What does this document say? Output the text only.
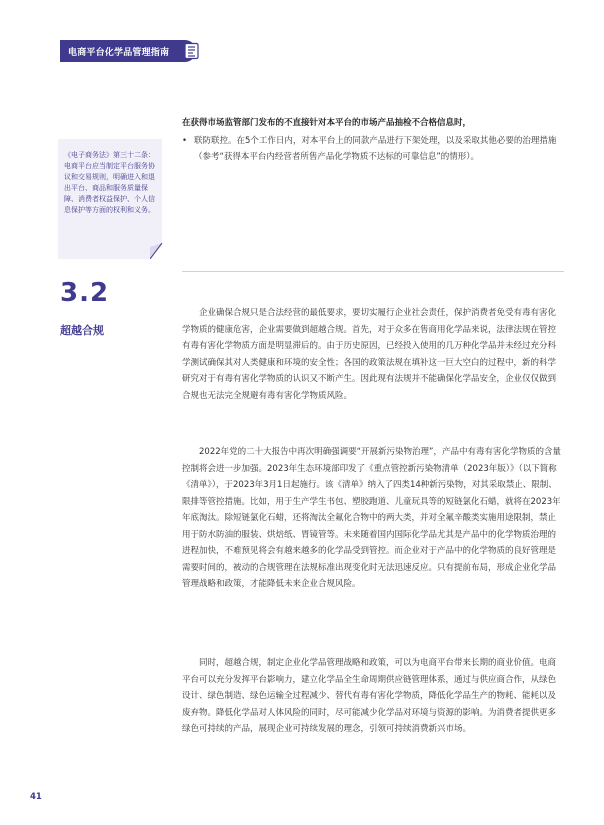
电商平台化学品管理指南
《电子商务法》第三十二条：电商平台应当制定平台服务协议和交易规则，明确进入和退出平台、商品和服务质量保障、消费者权益保护、个人信息保护等方面的权利和义务。
在获得市场监管部门发布的不直接针对本平台的市场产品抽检不合格信息时，
• 联防联控。在5个工作日内，对本平台上的同款产品进行下架处理，以及采取其他必要的治理措施（参考“获得本平台内经营者所售产品化学物质不达标的可靠信息”的情形）。
3.2
超越合规

企业确保合规只是合法经营的最低要求，要切实履行企业社会责任，保护消费者免受有毒有害化学物质的健康危害，企业需要做到超越合规。首先，对于众多在售商用化学品来说，法律法规在管控有毒有害化学物质方面是明显滞后的。由于历史原因，已经投入使用的几万种化学品并未经过充分科学测试确保其对人类健康和环境的安全性；各国的政策法规在填补这一巨大空白的过程中，新的科学研究对于有毒有害化学物质的认识又不断产生。因此现有法规并不能确保化学品安全，企业仅仅做到合规也无法完全规避有毒有害化学物质风险。

2022年党的二十大报告中再次明确强调要“开展新污染物治理”，产品中有毒有害化学物质的含量控制将会进一步加强。2023年生态环境部印发了《重点管控新污染物清单（2023年版）》（以下简称《清单》），于2023年3月1日起施行。该《清单》纳入了四类14种新污染物，对其采取禁止、限制、限排等管控措施。比如，用于生产学生书包、塑胶跑道、儿童玩具等的短链氯化石蜡，就将在2023年年底淘汰。除短链氯化石蜡，还将淘汰全氟化合物中的两大类，并对全氟辛酸类实施用途限制，禁止用于防水防油的服装、烘焙纸、胃镜管等。未来随着国内国际化学品尤其是产品中的化学物质治理的进程加快，不难预见将会有越来越多的化学品受到管控。而企业对于产品中的化学物质的良好管理是需要时间的，被动的合规管理在法规标准出现变化时无法迅速反应。只有提前布局，形成企业化学品管理战略和政策，才能降低未来企业合规风险。

同时，超越合规，制定企业化学品管理战略和政策，可以为电商平台带来长期的商业价值。电商平台可以充分发挥平台影响力，建立化学品全生命周期供应链管理体系，通过与供应商合作，从绿色设计、绿色制造、绿色运输全过程减少、替代有毒有害化学物质，降低化学品生产的物耗、能耗以及废弃物。降低化学品对人体风险的同时，尽可能减少化学品对环境与资源的影响。为消费者提供更多绿色可持续的产品，展现企业可持续发展的理念，引领可持续消费新兴市场。

41
